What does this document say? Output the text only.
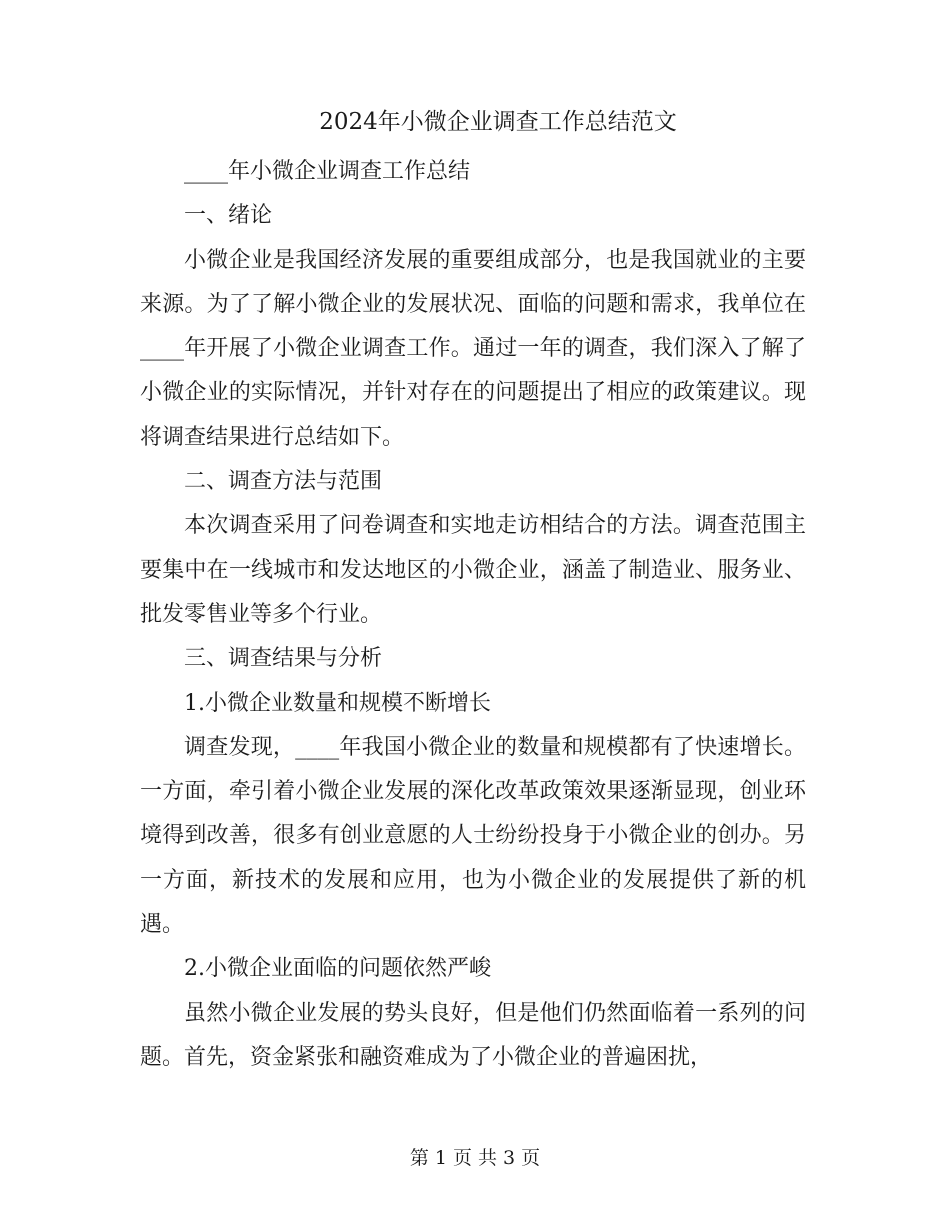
2024年小微企业调查工作总结范文

____年小微企业调查工作总结

一、绪论

小微企业是我国经济发展的重要组成部分，也是我国就业的主要来源。为了了解小微企业的发展状况、面临的问题和需求，我单位在____年开展了小微企业调查工作。通过一年的调查，我们深入了解了小微企业的实际情况，并针对存在的问题提出了相应的政策建议。现将调查结果进行总结如下。

二、调查方法与范围

本次调查采用了问卷调查和实地走访相结合的方法。调查范围主要集中在一线城市和发达地区的小微企业，涵盖了制造业、服务业、批发零售业等多个行业。

三、调查结果与分析

1.小微企业数量和规模不断增长

调查发现，____年我国小微企业的数量和规模都有了快速增长。一方面，牵引着小微企业发展的深化改革政策效果逐渐显现，创业环境得到改善，很多有创业意愿的人士纷纷投身于小微企业的创办。另一方面，新技术的发展和应用，也为小微企业的发展提供了新的机遇。

2.小微企业面临的问题依然严峻

虽然小微企业发展的势头良好，但是他们仍然面临着一系列的问题。首先，资金紧张和融资难成为了小微企业的普遍困扰，

第 1 页 共 3 页
